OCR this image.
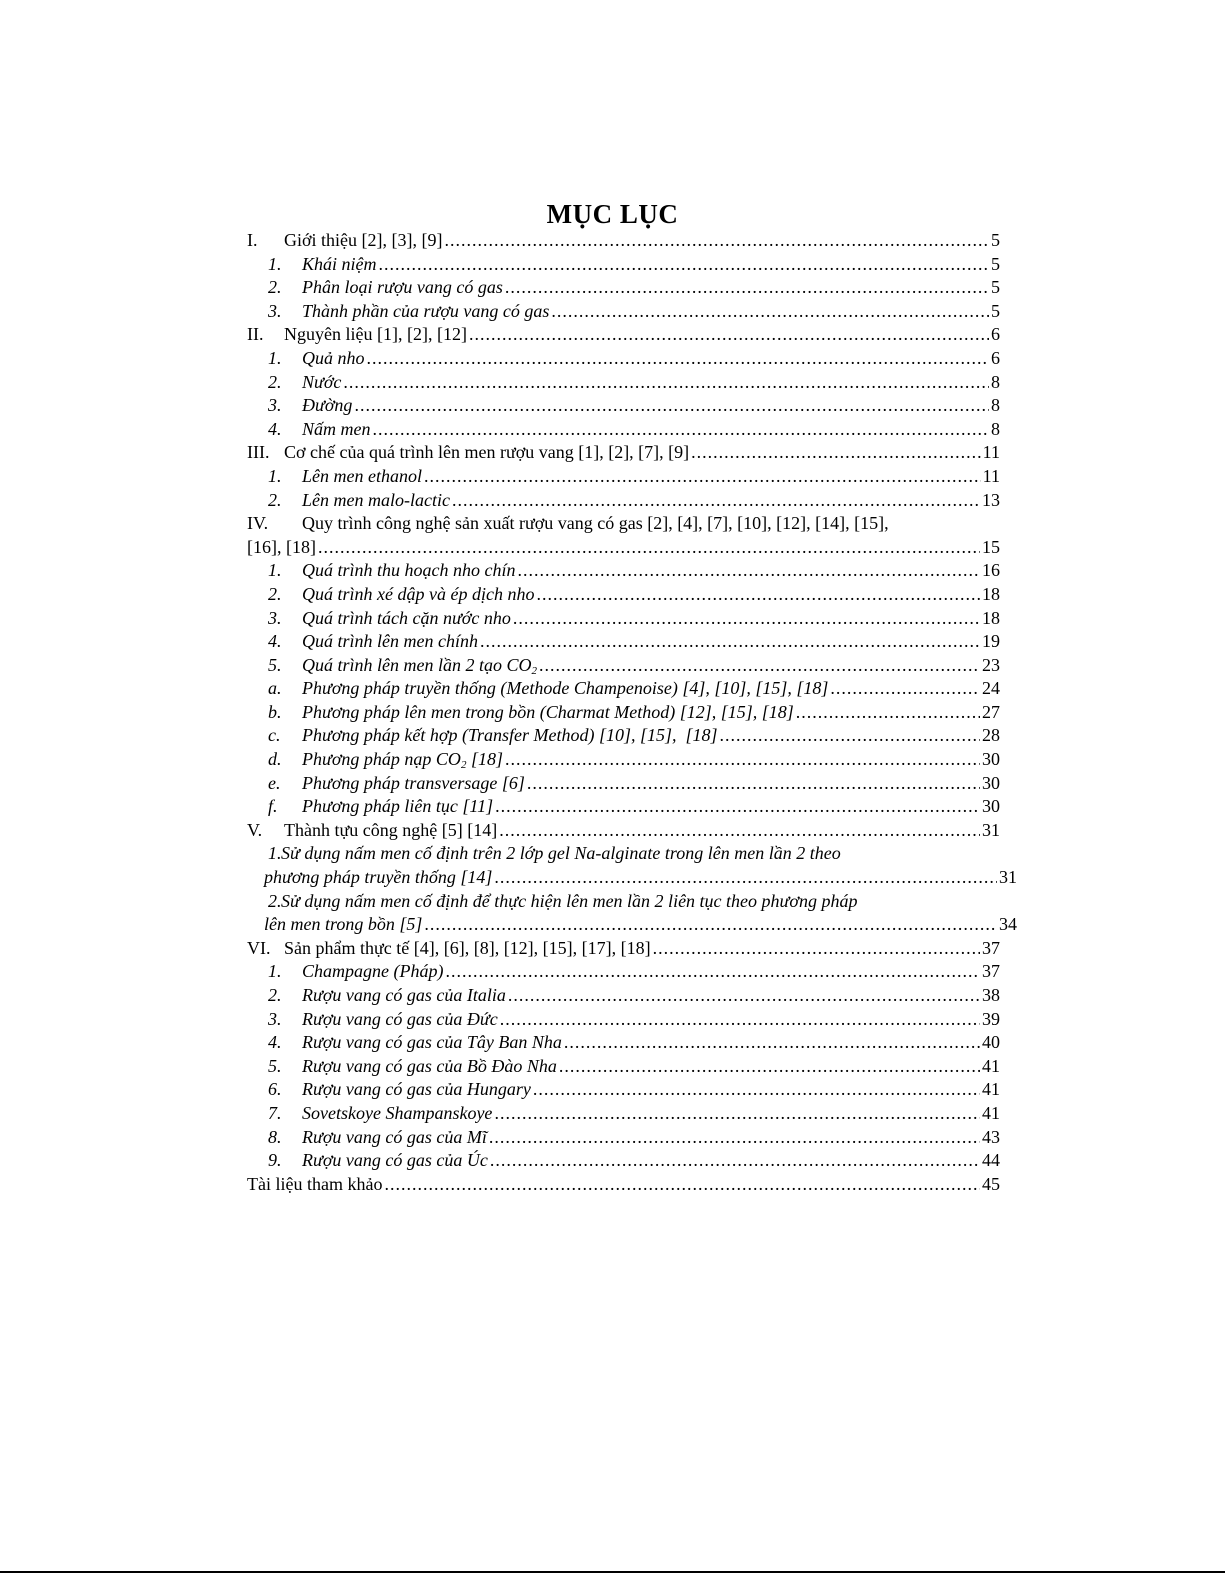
MỤC LỤC
I.	Giới thiệu [2], [3], [9] .....	5
1.	Khái niệm .....	5
2.	Phân loại rượu vang có gas .....	5
3.	Thành phần của rượu vang có gas .....	5
II.	Nguyên liệu [1], [2], [12] .....	6
1.	Quả nho .....	6
2.	Nước .....	8
3.	Đường .....	8
4.	Nấm men .....	8
III. Cơ chế của quá trình lên men rượu vang [1], [2], [7], [9] .....	11
1.	Lên men ethanol .....	11
2.	Lên men malo-lactic .....	13
IV. Quy trình công nghệ sản xuất rượu vang có gas [2], [4], [7], [10], [12], [14], [15],
[16], [18] .....	15
1.	Quá trình thu hoạch nho chín .....	16
2.	Quá trình xé dập và ép dịch nho .....	18
3.	Quá trình tách cặn nước nho .....	18
4.	Quá trình lên men chính .....	19
5.	Quá trình lên men lần 2 tạo $CO_2$ .....	23
a.	Phương pháp truyền thống (Methode Champenoise) [4], [10], [15], [18] .....	24
b.	Phương pháp lên men trong bồn (Charmat Method) [12], [15], [18] .....	27
c.	Phương pháp kết hợp (Transfer Method) [10], [15],  [18] .....	28
d.	Phương pháp nạp $CO_2$ [18] .....	30
e.	Phương pháp transversage [6] .....	30
f.	Phương pháp liên tục [11] .....	30
V.	Thành tựu công nghệ [5] [14] .....	31
1. Sử dụng nấm men cố định trên 2 lớp gel Na-alginate trong lên men lần 2 theo
phương pháp truyền thống [14] .....	31
2. Sử dụng nấm men cố định để thực hiện lên men lần 2 liên tục theo phương pháp
lên men trong bồn [5] .....	34
VI. Sản phẩm thực tế [4], [6], [8], [12], [15], [17], [18] .....	37
1.	Champagne (Pháp) .....	37
2.	Rượu vang có gas của Italia .....	38
3.	Rượu vang có gas của Đức .....	39
4.	Rượu vang có gas của Tây Ban Nha .....	40
5.	Rượu vang có gas của Bồ Đào Nha .....	41
6.	Rượu vang có gas của Hungary .....	41
7.	Sovetskoye Shampanskoye .....	41
8.	Rượu vang có gas của Mĩ .....	43
9.	Rượu vang có gas của Úc .....	44
Tài liệu tham khảo .....	45
